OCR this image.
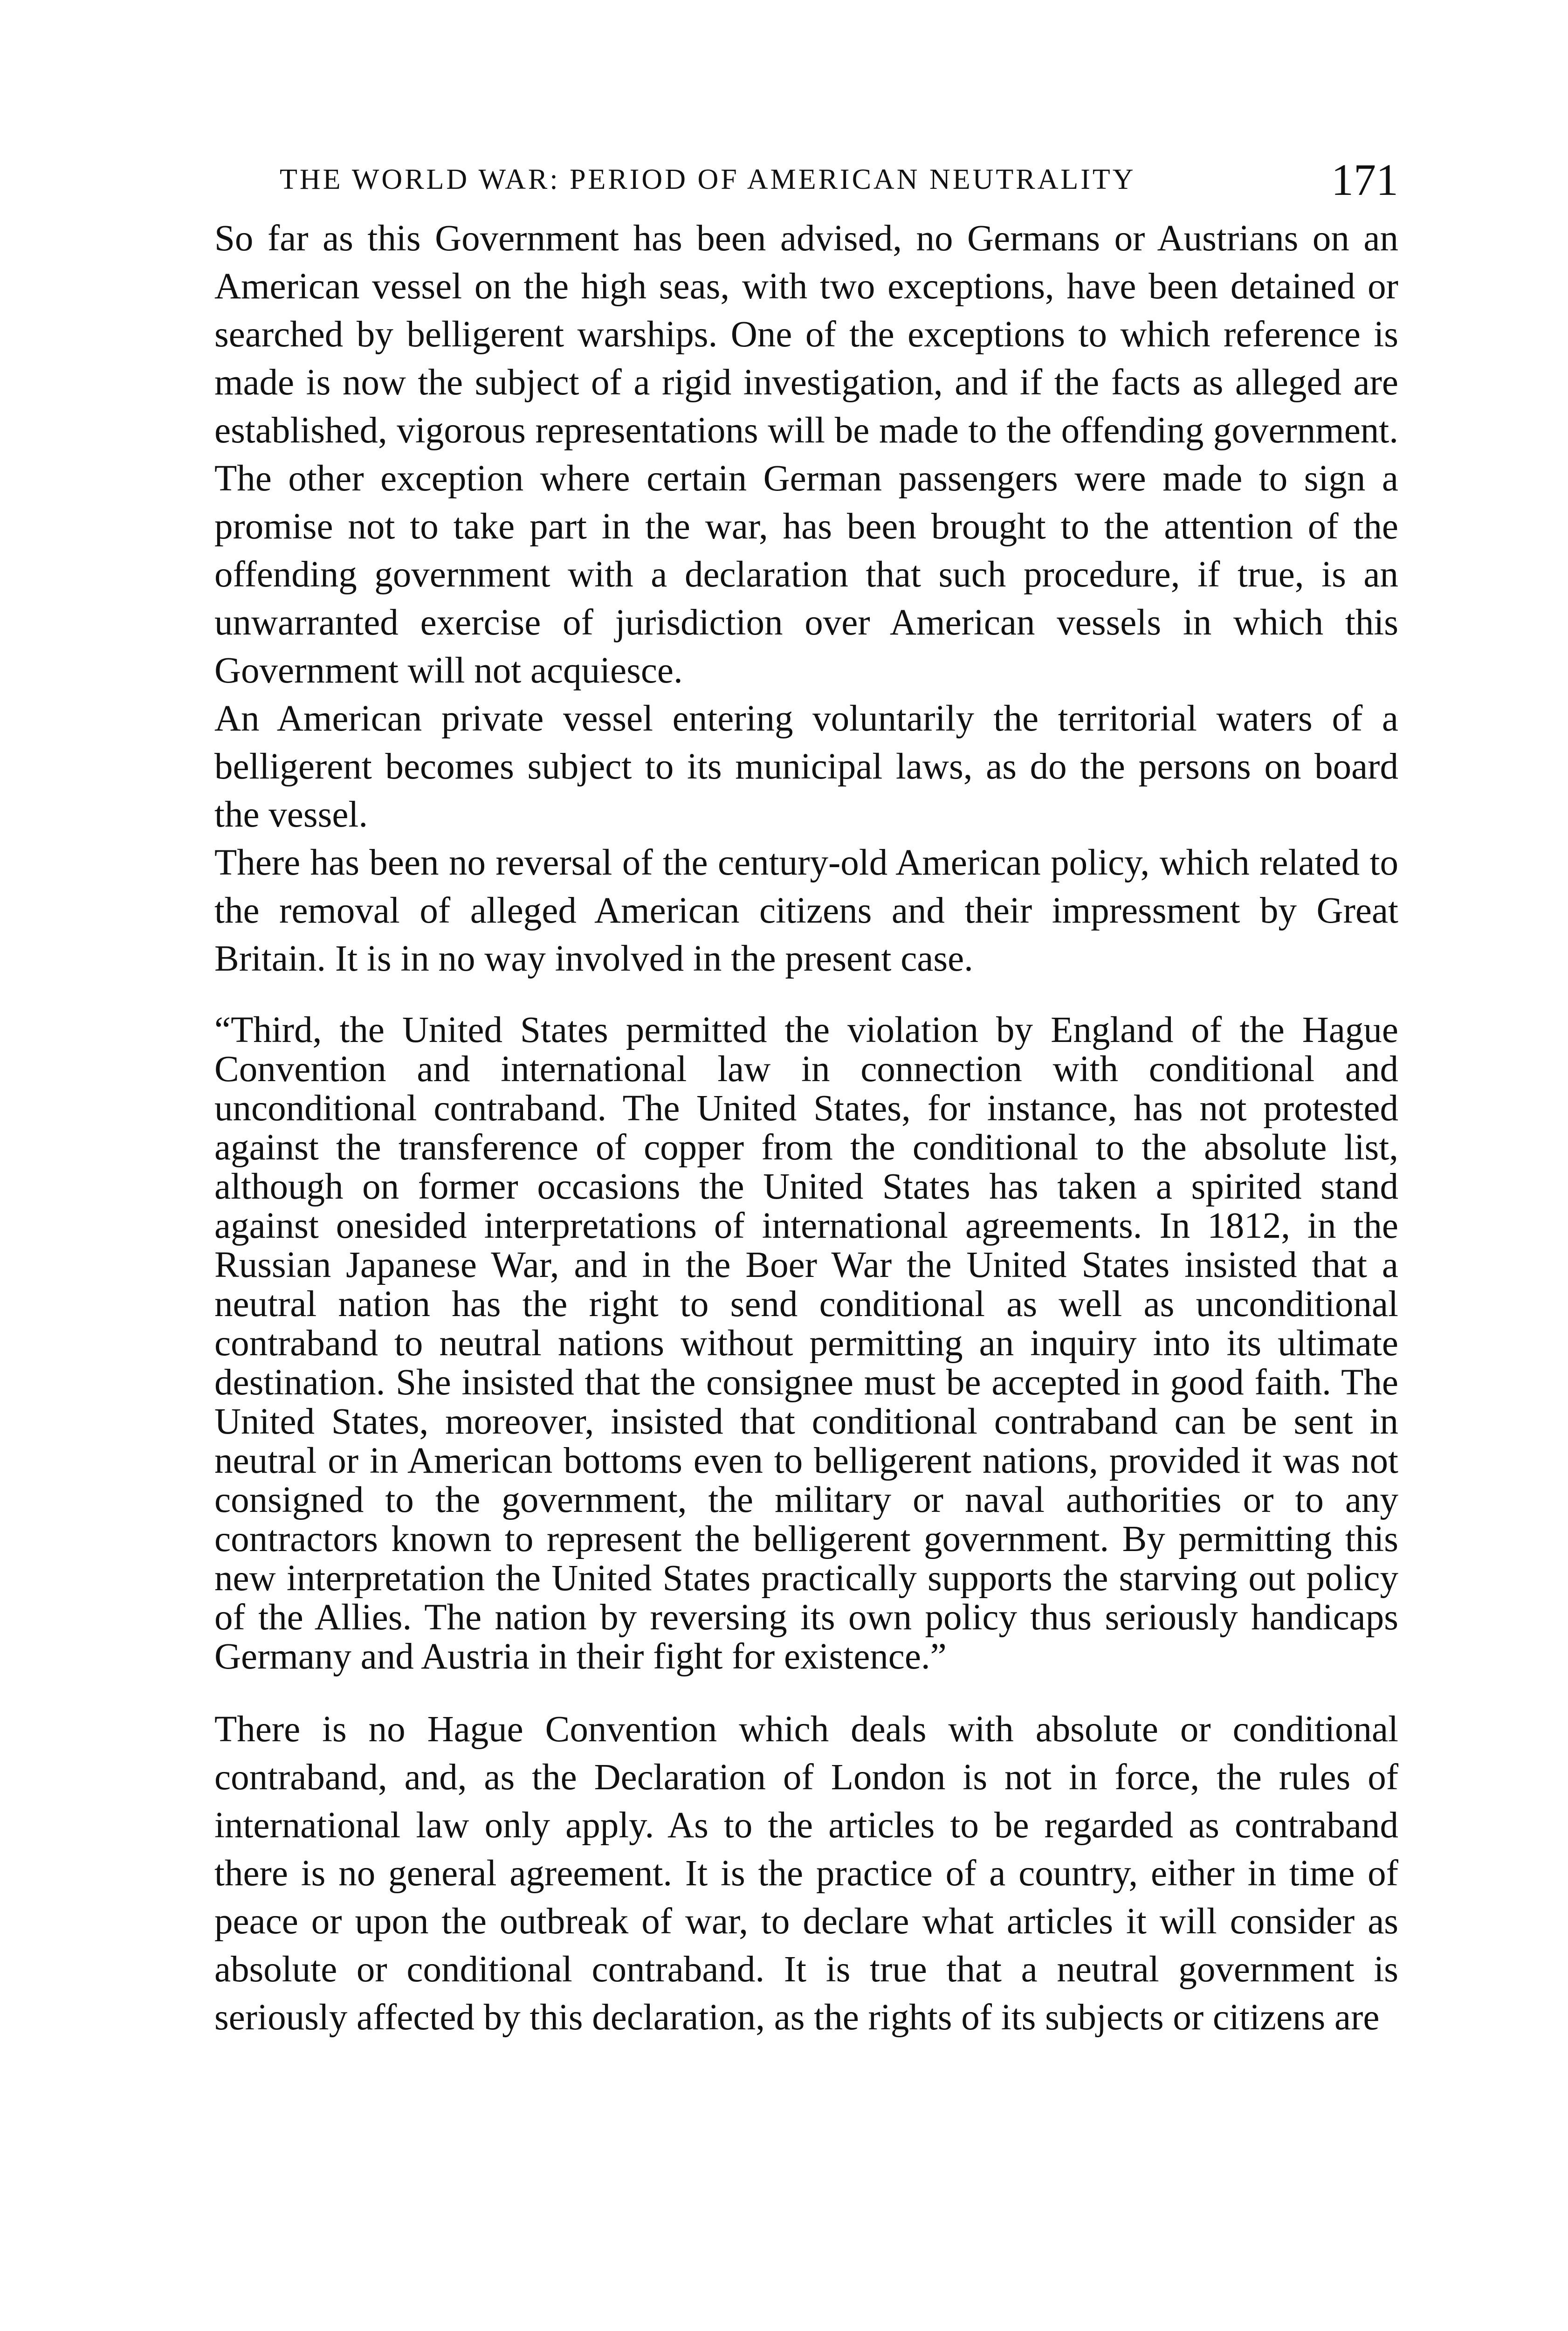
THE WORLD WAR: PERIOD OF AMERICAN NEUTRALITY	171

So far as this Government has been advised, no Germans or Austrians on an American vessel on the high seas, with two exceptions, have been detained or searched by belligerent warships. One of the exceptions to which reference is made is now the subject of a rigid investigation, and if the facts as alleged are established, vigorous representations will be made to the offending government. The other exception where certain German passengers were made to sign a promise not to take part in the war, has been brought to the attention of the offending government with a declaration that such procedure, if true, is an unwarranted exercise of jurisdiction over American vessels in which this Government will not acquiesce.

An American private vessel entering voluntarily the territorial waters of a belligerent becomes subject to its municipal laws, as do the persons on board the vessel.

There has been no reversal of the century-old American policy, which related to the removal of alleged American citizens and their impressment by Great Britain. It is in no way involved in the present case.

“Third, the United States permitted the violation by England of the Hague Convention and international law in connection with conditional and unconditional contraband. The United States, for instance, has not protested against the transference of copper from the conditional to the absolute list, although on former occasions the United States has taken a spirited stand against onesided interpretations of international agreements. In 1812, in the Russian Japanese War, and in the Boer War the United States insisted that a neutral nation has the right to send conditional as well as unconditional contraband to neutral nations without permitting an inquiry into its ultimate destination. She insisted that the consignee must be accepted in good faith. The United States, moreover, insisted that conditional contraband can be sent in neutral or in American bottoms even to belligerent nations, provided it was not consigned to the government, the military or naval authorities or to any contractors known to represent the belligerent government. By permitting this new interpretation the United States practically supports the starving out policy of the Allies. The nation by reversing its own policy thus seriously handicaps Germany and Austria in their fight for existence.”

There is no Hague Convention which deals with absolute or conditional contraband, and, as the Declaration of London is not in force, the rules of international law only apply. As to the articles to be regarded as contraband there is no general agreement. It is the practice of a country, either in time of peace or upon the outbreak of war, to declare what articles it will consider as absolute or conditional contraband. It is true that a neutral government is seriously affected by this declaration, as the rights of its subjects or citizens are
